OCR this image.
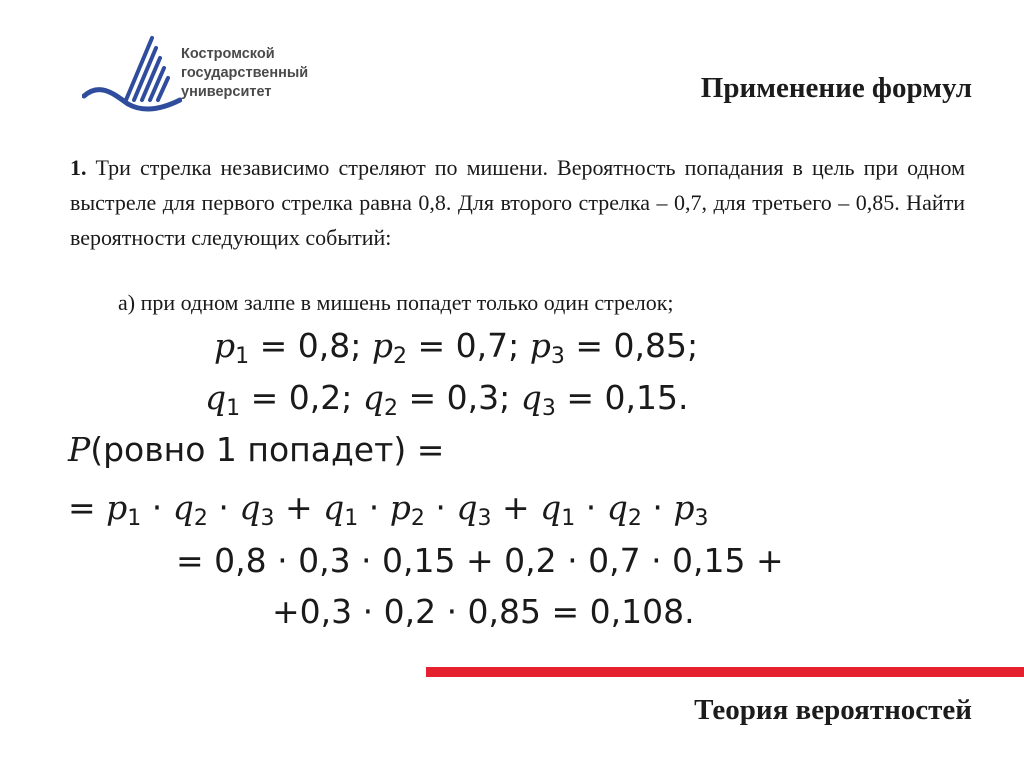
Костромской
государственный
университет	Применение формул

1. Три стрелка независимо стреляют по мишени. Вероятность попадания в цель при одном выстреле для первого стрелка равна 0,8. Для второго стрелка – 0,7, для третьего – 0,85. Найти вероятности следующих событий:

а) при одном залпе в мишень попадет только один стрелок;
$p_1 = 0,8$; $p_2 = 0,7$; $p_3 = 0,85$;
$q_1 = 0,2$; $q_2 = 0,3$; $q_3 = 0,15$.
P(ровно 1 попадет) =
= $p_1 \cdot q_2 \cdot q_3 + q_1 \cdot p_2 \cdot q_3 + q_1 \cdot q_2 \cdot p_3$
= 0,8 · 0,3 · 0,15 + 0,2 · 0,7 · 0,15 +
+0,3 · 0,2 · 0,85 = 0,108.
Теория вероятностей
